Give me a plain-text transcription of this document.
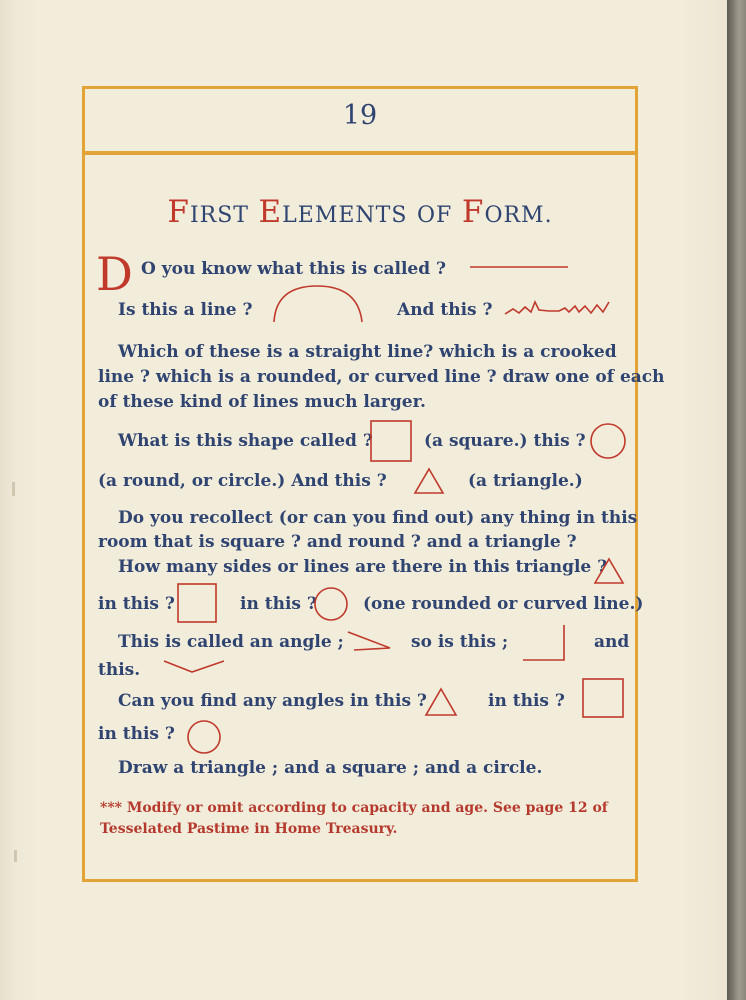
19
FIRST ELEMENTS OF FORM.
D O you know what this is called ?
Is this a line ?	And this ?
Which of these is a straight line? which is a crooked
line ? which is a rounded, or curved line ? draw one of each
of these kind of lines much larger.
What is this shape called ?	(a square.) this ?
(a round, or circle.) And this ?	(a triangle.)
Do you recollect (or can you find out) any thing in this
room that is square ? and round ? and a triangle ?
How many sides or lines are there in this triangle ?
in this ?	in this ?	(one rounded or curved line.)
This is called an angle ;	so is this ;	and
this.
Can you find any angles in this ?	in this ?
in this ?
Draw a triangle ; and a square ; and a circle.
*** Modify or omit according to capacity and age. See page 12 of
Tesselated Pastime in Home Treasury.
